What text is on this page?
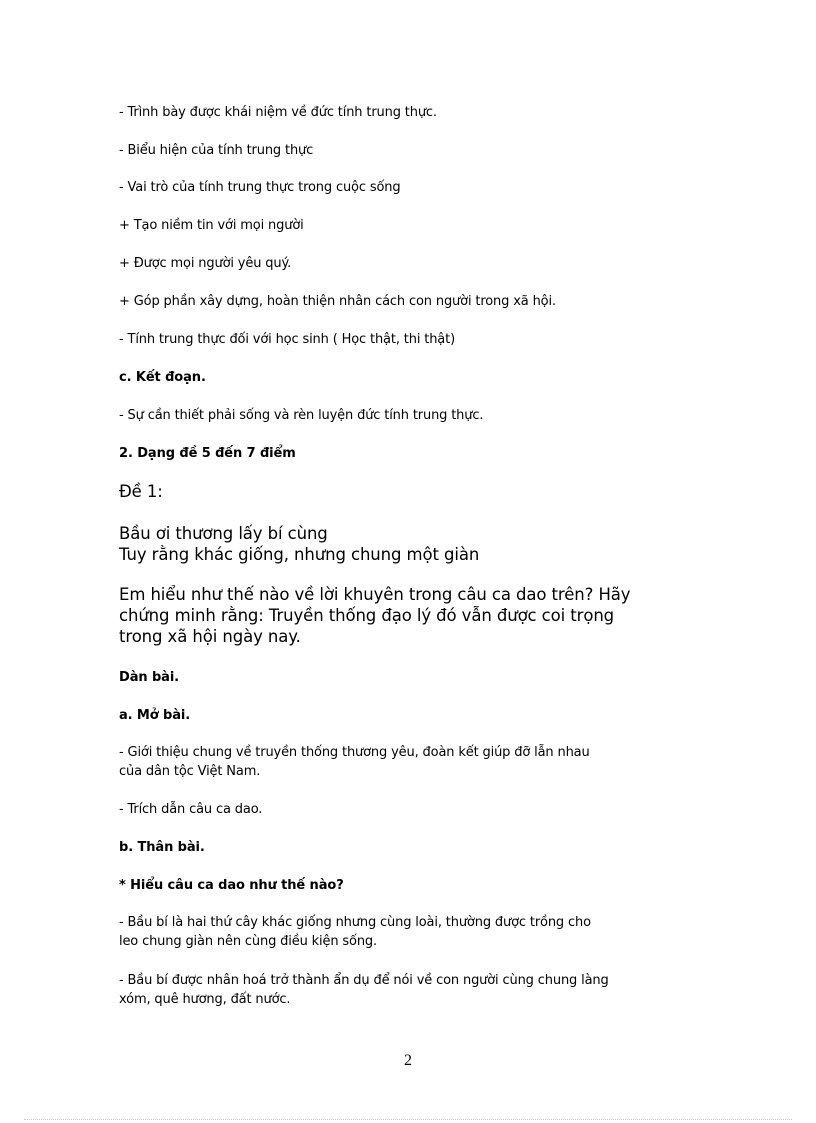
- Trình bày được khái niệm về đức tính trung thực.

- Biểu hiện của tính trung thực

- Vai trò của tính trung thực trong cuộc sống

+ Tạo niềm tin với mọi người

+ Được mọi người yêu quý.

+ Góp phần xây dựng, hoàn thiện nhân cách con người trong xã hội.

- Tính trung thực đối với học sinh ( Học thật, thi thật)

c. Kết đoạn.

- Sự cần thiết phải sống và rèn luyện đức tính trung thực.

2. Dạng đề 5 đến 7 điểm

Đề 1:

Bầu ơi thương lấy bí cùng

Tuy rằng khác giống, nhưng chung một giàn

Em hiểu như thế nào về lời khuyên trong câu ca dao trên? Hãy

chứng minh rằng: Truyền thống đạo lý đó vẫn được coi trọng

trong xã hội ngày nay.

Dàn bài.

a. Mở bài.

- Giới thiệu chung về truyền thống thương yêu, đoàn kết giúp đỡ lẫn nhau

của dân tộc Việt Nam.

- Trích dẫn câu ca dao.

b. Thân bài.

* Hiểu câu ca dao như thế nào?

- Bầu bí là hai thứ cây khác giống nhưng cùng loài, thường được trồng cho

leo chung giàn nên cùng điều kiện sống.

- Bầu bí được nhân hoá trở thành ẩn dụ để nói về con người cùng chung làng

xóm, quê hương, đất nước.

2
